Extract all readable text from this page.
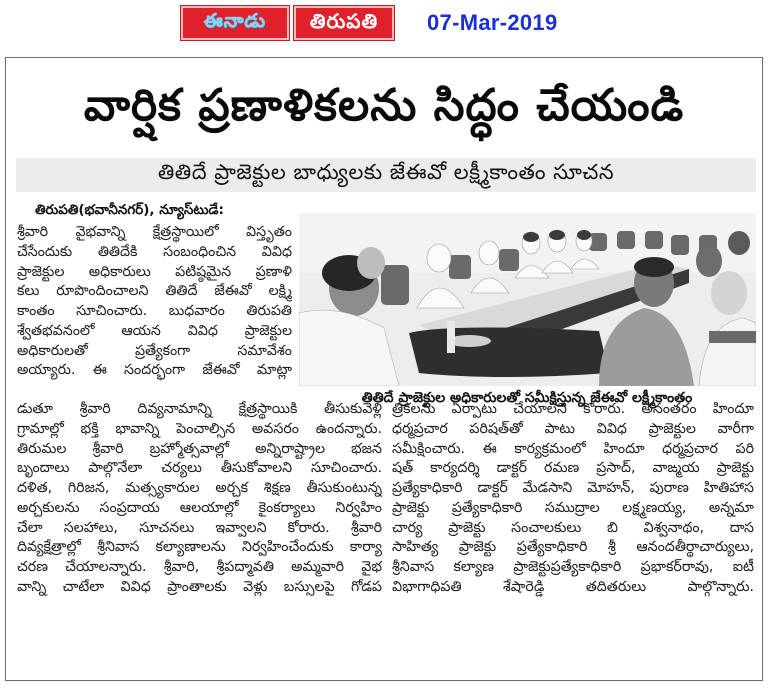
ఈనాడు తిరుపతి 07-Mar-2019
వార్షిక ప్రణాళికలను సిద్ధం చేయండి
తితిదే ప్రాజెక్టుల బాధ్యులకు జేఈవో లక్ష్మీకాంతం సూచన
తిరుపతి(భవానీనగర్), న్యూస్‌టుడే:
శ్రీవారి వైభవాన్ని క్షేత్రస్థాయిలో విస్తృతం
చేసేందుకు తితిదేకి సంబంధించిన వివిధ
ప్రాజెక్టుల అధికారులు పటిష్ఠమైన ప్రణాళి
కలు రూపొందించాలని తితిదే జేఈవో లక్ష్మి
కాంతం సూచించారు. బుధవారం తిరుపతి
శ్వేతభవనంలో ఆయన వివిధ ప్రాజెక్టుల
అధికారులతో ప్రత్యేకంగా సమావేశం
అయ్యారు. ఈ సందర్భంగా జేఈవో మాట్లా
తితిదే ప్రాజెక్టుల అధికారులతో సమీక్షిస్తున్న జేఈవో లక్ష్మీకాంతం
డుతూ శ్రీవారి దివ్యనామాన్ని క్షేత్రస్థాయికి తీసుకువెళ్లి
గ్రామాల్లో భక్తి భావాన్ని పెంచాల్సిన అవసరం ఉందన్నారు.
తిరుమల శ్రీవారి బ్రహ్మోత్సవాల్లో అన్నిరాష్ట్రాల భజన
బృందాలు పాల్గొనేలా చర్యలు తీసుకోవాలని సూచించారు.
దళిత, గిరిజన, మత్స్యకారుల అర్చక శిక్షణ తీసుకుంటున్న
అర్చకులను సంప్రదాయ ఆలయాల్లో కైంకర్యాలు నిర్వహిం
చేలా సలహాలు, సూచనలు ఇవ్వాలని కోరారు. శ్రీవారి
దివ్యక్షేత్రాల్లో శ్రీనివాస కల్యాణాలను నిర్వహించేందుకు కార్యా
చరణ చేయాలన్నారు. శ్రీవారి, శ్రీపద్మావతి అమ్మవారి వైభ
వాన్ని చాటేలా వివిధ ప్రాంతాలకు వెళ్లు బస్సులపై గోడప
త్రికలను ఏర్పాటు చేయాలని కోరారు. అనంతరం హిందూ
ధర్మప్రచార పరిషత్‌తో పాటు వివిధ ప్రాజెక్టుల వారీగా
సమీక్షించారు. ఈ కార్యక్రమంలో హిందూ ధర్మప్రచార పరి
షత్ కార్యదర్శి డాక్టర్ రమణ ప్రసాద్, వాఙ్మయ ప్రాజెక్టు
ప్రత్యేకాధికారి డాక్టర్ మేడసాని మోహన్, పురాణ హితిహాస
ప్రాజెక్టు ప్రత్యేకాధికారి సముద్రాల లక్ష్మణయ్య, అన్నమా
చార్య ప్రాజెక్టు సంచాలకులు బి విశ్వనాథం, దాస
సాహిత్య ప్రాజెక్టు ప్రత్యేకాధికారి శ్రీ ఆనందతీర్థాచార్యులు,
శ్రీనివాస కల్యాణ ప్రాజెక్టుప్రత్యేకాధికారి ప్రభాకర్‌రావు, ఐటీ
విభాగాధిపతి శేషారెడ్డి తదితరులు పాల్గొన్నారు.
